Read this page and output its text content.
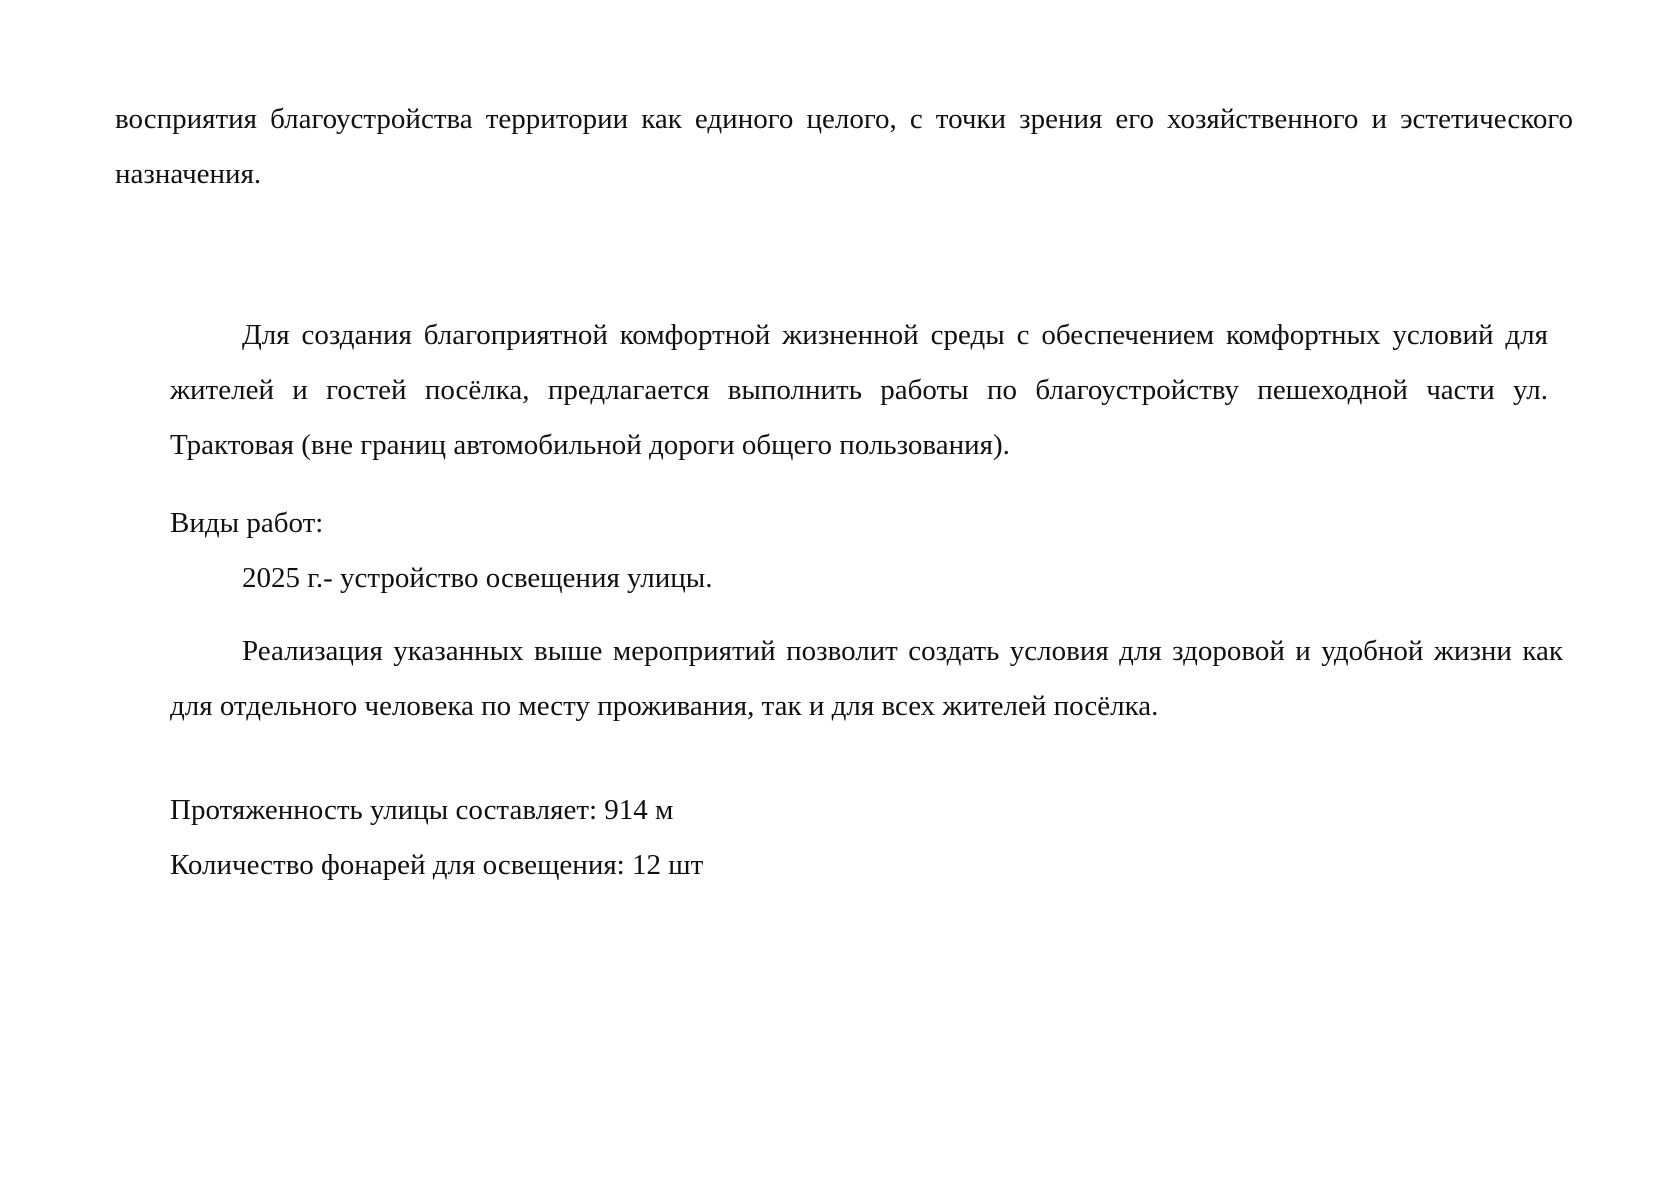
восприятия благоустройства территории как единого целого, с точки зрения его хозяйственного и эстетического назначения.

Для создания благоприятной комфортной жизненной среды с обеспечением комфортных условий для жителей и гостей посёлка, предлагается выполнить работы по благоустройству пешеходной части ул. Трактовая (вне границ автомобильной дороги общего пользования).

Виды работ:

2025 г.- устройство освещения улицы.

Реализация указанных выше мероприятий позволит создать условия для здоровой и удобной жизни как для отдельного человека по месту проживания, так и для всех жителей посёлка.

Протяженность улицы составляет: 914 м

Количество фонарей для освещения: 12 шт
